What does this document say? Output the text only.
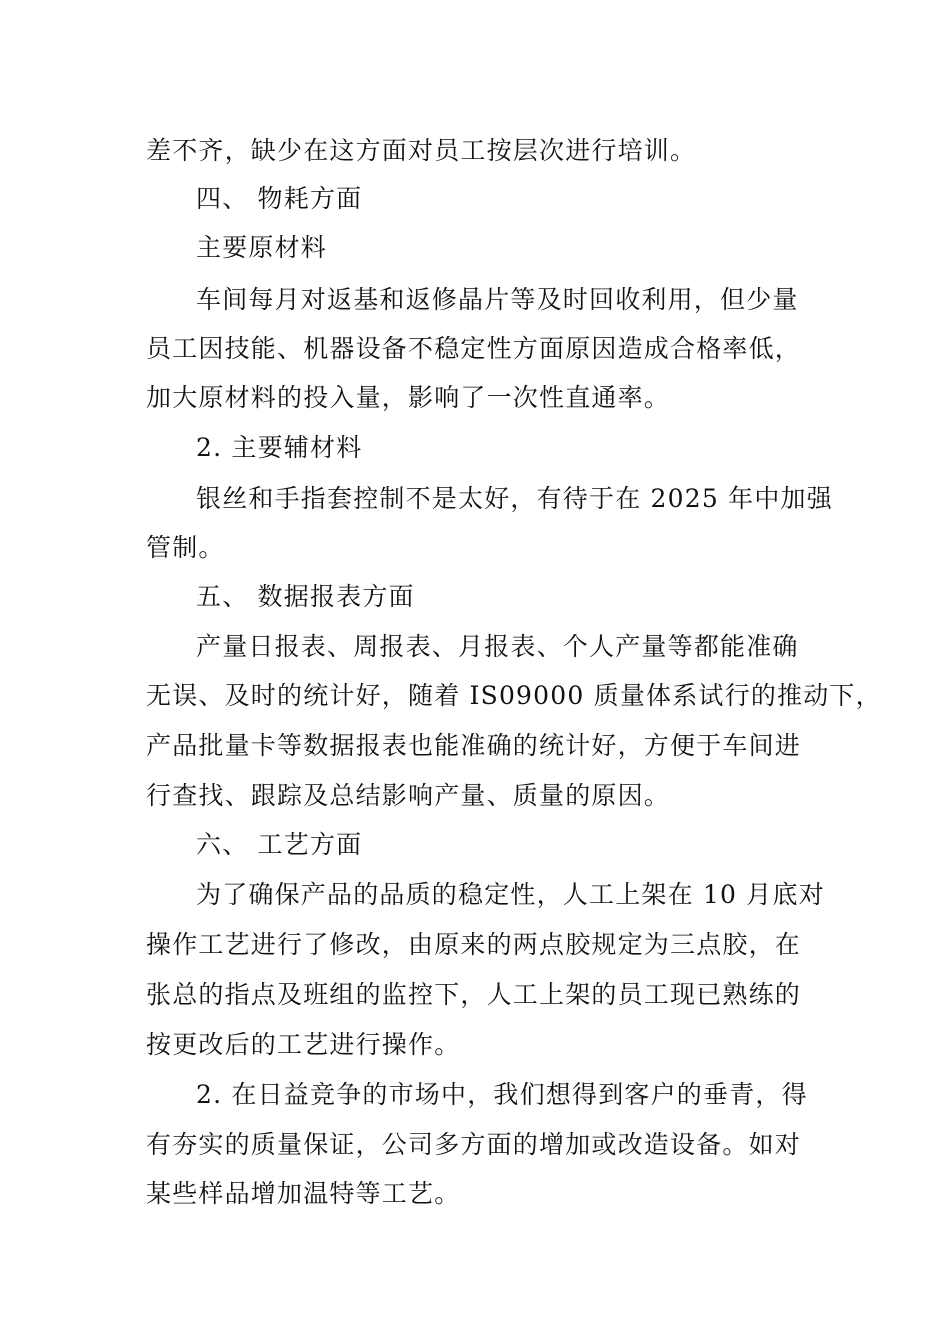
差不齐，缺少在这方面对员工按层次进行培训。
四、 物耗方面
主要原材料
车间每月对返基和返修晶片等及时回收利用，但少量
员工因技能、机器设备不稳定性方面原因造成合格率低，
加大原材料的投入量，影响了一次性直通率。
2. 主要辅材料
银丝和手指套控制不是太好，有待于在 2025 年中加强
管制。
五、 数据报表方面
产量日报表、周报表、月报表、个人产量等都能准确
无误、及时的统计好，随着 IS09000 质量体系试行的推动下，
产品批量卡等数据报表也能准确的统计好，方便于车间进
行查找、跟踪及总结影响产量、质量的原因。
六、 工艺方面
为了确保产品的品质的稳定性，人工上架在 10 月底对
操作工艺进行了修改，由原来的两点胶规定为三点胶，在
张总的指点及班组的监控下，人工上架的员工现已熟练的
按更改后的工艺进行操作。
2. 在日益竞争的市场中，我们想得到客户的垂青，得
有夯实的质量保证，公司多方面的增加或改造设备。如对
某些样品增加温特等工艺。
